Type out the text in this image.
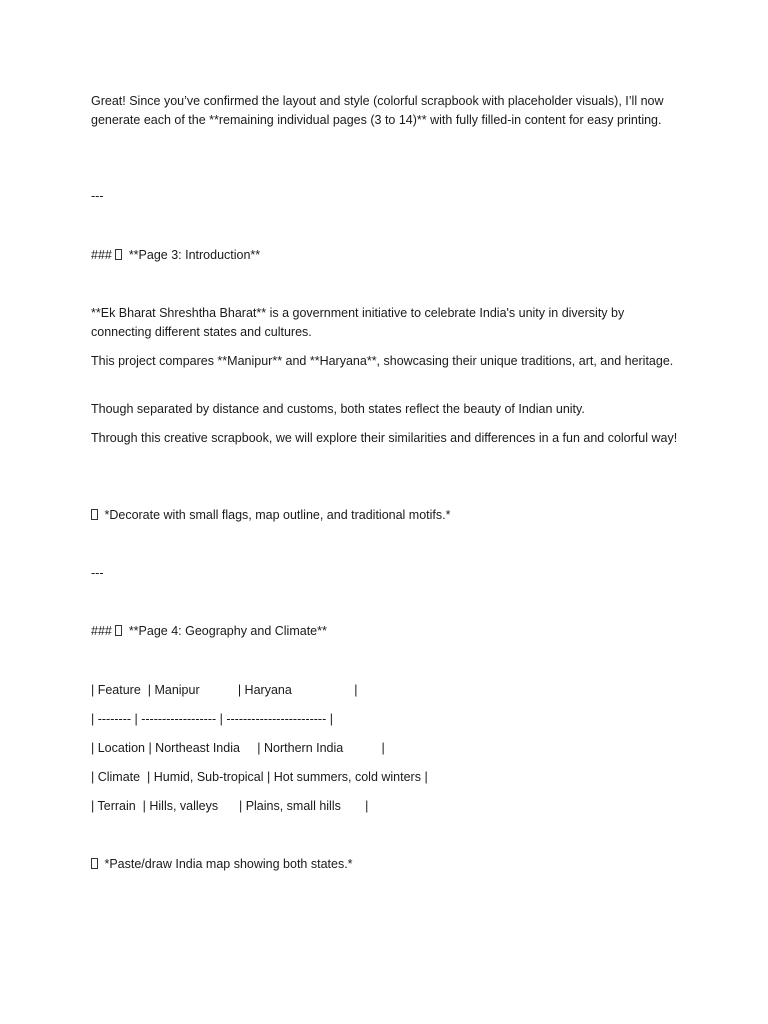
Great! Since you’ve confirmed the layout and style (colorful scrapbook with placeholder visuals), I’ll now generate each of the **remaining individual pages (3 to 14)** with fully filled-in content for easy printing.

---

###  **Page 3: Introduction**

**Ek Bharat Shreshtha Bharat** is a government initiative to celebrate India's unity in diversity by connecting different states and cultures.

This project compares **Manipur** and **Haryana**, showcasing their unique traditions, art, and heritage.

Though separated by distance and customs, both states reflect the beauty of Indian unity.

Through this creative scrapbook, we will explore their similarities and differences in a fun and colorful way!

*Decorate with small flags, map outline, and traditional motifs.*

---

###  **Page 4: Geography and Climate**

| Feature  | Manipur           | Haryana                  |

| -------- | ------------------ | ------------------------ |

| Location | Northeast India     | Northern India           |

| Climate  | Humid, Sub-tropical | Hot summers, cold winters |

| Terrain  | Hills, valleys      | Plains, small hills       |

*Paste/draw India map showing both states.*
